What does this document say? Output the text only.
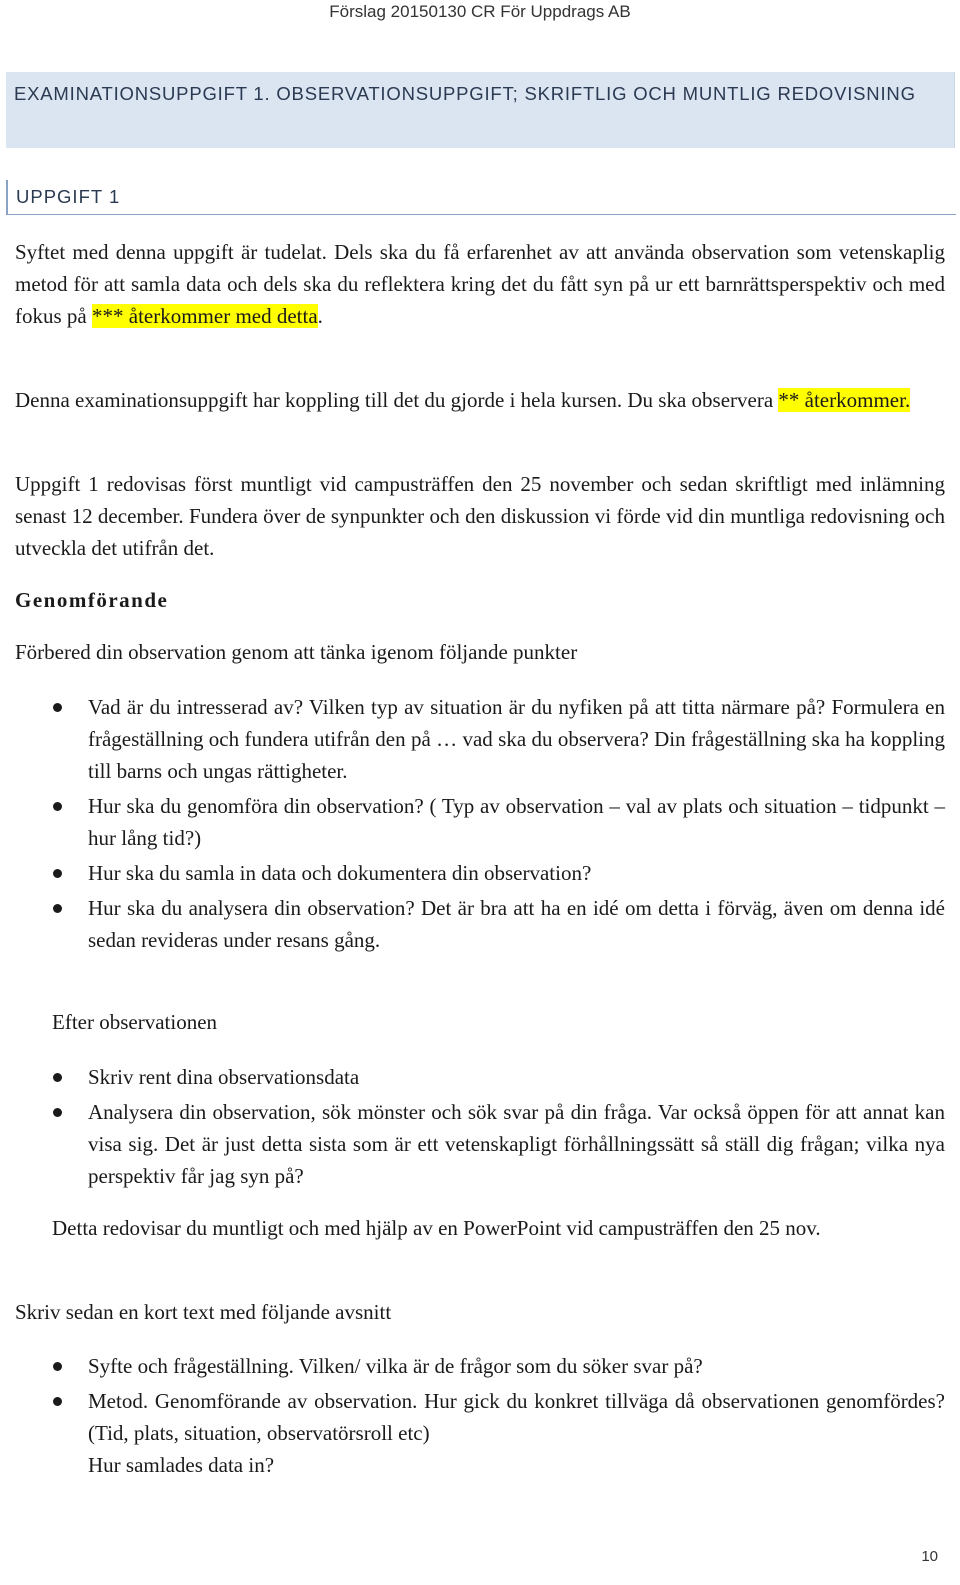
Förslag 20150130 CR För Uppdrags AB
EXAMINATIONSUPPGIFT 1. OBSERVATIONSUPPGIFT; SKRIFTLIG OCH MUNTLIG REDOVISNING
UPPGIFT 1
Syftet med denna uppgift är tudelat. Dels ska du få erfarenhet av att använda observation som vetenskaplig metod för att samla data och dels ska du reflektera kring det du fått syn på ur ett barnrättsperspektiv och med fokus på *** återkommer med detta.
Denna examinationsuppgift har koppling till det du gjorde i hela kursen. Du ska observera ** återkommer.
Uppgift 1 redovisas först muntligt vid campusträffen den 25 november och sedan skriftligt med inlämning senast 12 december. Fundera över de synpunkter och den diskussion vi förde vid din muntliga redovisning och utveckla det utifrån det.
Genomförande
Förbered din observation genom att tänka igenom följande punkter
Vad är du intresserad av? Vilken typ av situation är du nyfiken på att titta närmare på? Formulera en frågeställning och fundera utifrån den på … vad ska du observera? Din frågeställning ska ha koppling till barns och ungas rättigheter.
Hur ska du genomföra din observation? ( Typ av observation – val av plats och situation – tidpunkt – hur lång tid?)
Hur ska du samla in data och dokumentera din observation?
Hur ska du analysera din observation? Det är bra att ha en idé om detta i förväg, även om denna idé sedan revideras under resans gång.
Efter observationen
Skriv rent dina observationsdata
Analysera din observation, sök mönster och sök svar på din fråga. Var också öppen för att annat kan visa sig. Det är just detta sista som är ett vetenskapligt förhållningssätt så ställ dig frågan; vilka nya perspektiv får jag syn på?
Detta redovisar du muntligt och med hjälp av en PowerPoint vid campusträffen den 25 nov.
Skriv sedan en kort text med följande avsnitt
Syfte och frågeställning. Vilken/ vilka är de frågor som du söker svar på?
Metod. Genomförande av observation. Hur gick du konkret tillväga då observationen genomfördes? (Tid, plats, situation, observatörsroll etc)
Hur samlades data in?
10
